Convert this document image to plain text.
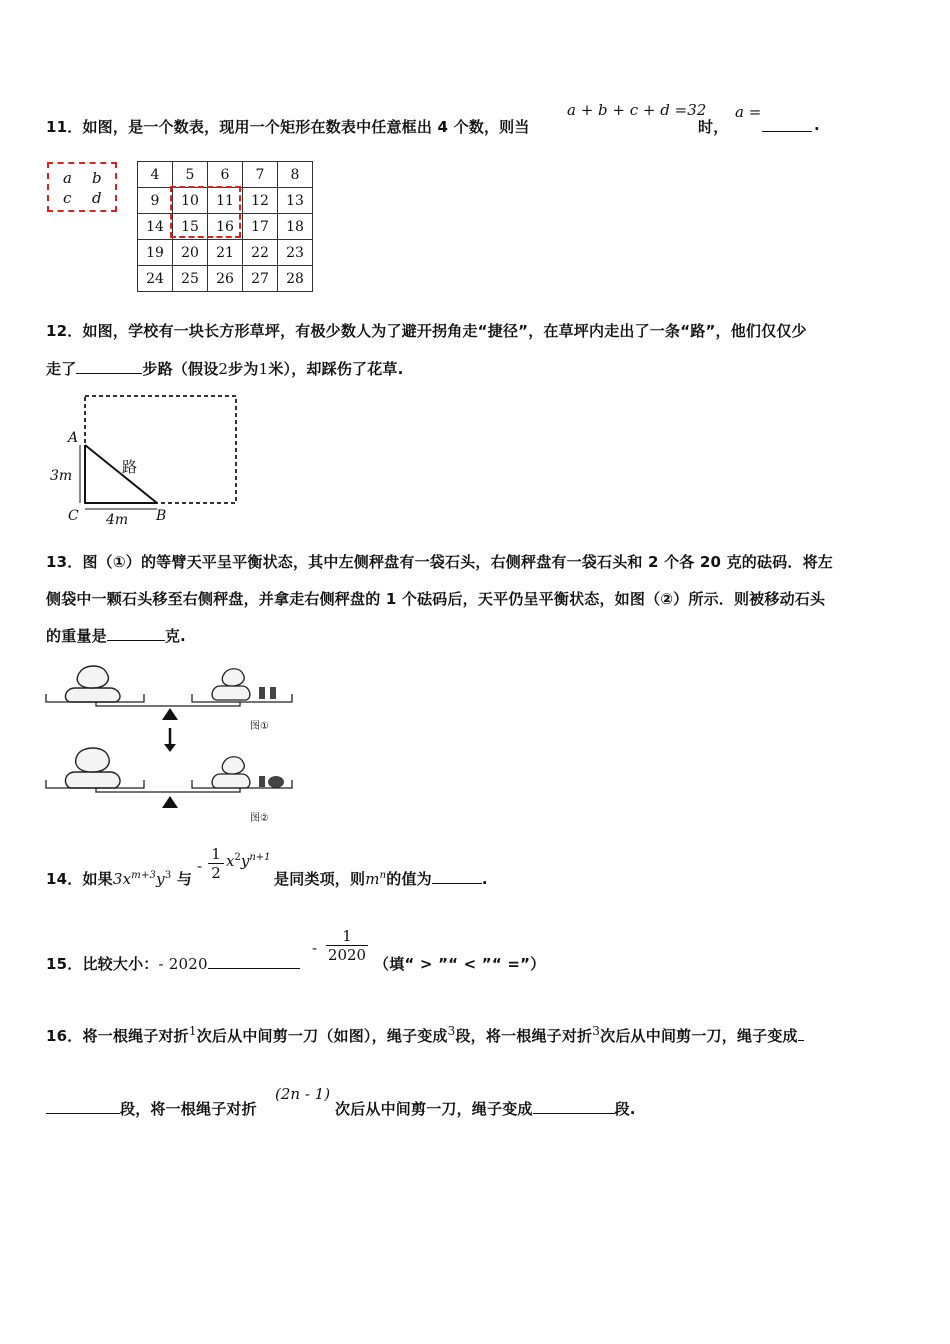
11．如图，是一个数表，现用一个矩形在数表中任意框出 4 个数，则当
a + b + c + d =32
时，
a =
.
a b
c d
4	5	6	7	8
9	10	11	12	13
14	15	16	17	18
19	20	21	22	23
24	25	26	27	28
12．如图，学校有一块长方形草坪，有极少数人为了避开拐角走“捷径”，在草坪内走出了一条“路”，他们仅仅少
走了	步路（假设2步为1米），却踩伤了花草.
A
路
3m
C 4m B
13．图（①）的等臂天平呈平衡状态，其中左侧秤盘有一袋石头，右侧秤盘有一袋石头和 2 个各 20 克的砝码．将左
侧袋中一颗石头移至右侧秤盘，并拿走右侧秤盘的 1 个砝码后，天平仍呈平衡状态，如图（②）所示．则被移动石头
的重量是	克.
图①
图②
14．如果$3x^{m+3}y^3$ 与
- $\frac{1}{2} x^2y^{n+1}$
是同类项，则$m^n$的值为	.
15．比较大小：- 2020
- $\frac{1}{2020}$ （填“ > ”“ < ”“ =”）
16．将一根绳子对折$^1$次后从中间剪一刀（如图），绳子变成$^3$段，将一根绳子对折$^3$次后从中间剪一刀，绳子变成
段，将一根绳子对折
(2n - 1)
次后从中间剪一刀，绳子变成	段.
